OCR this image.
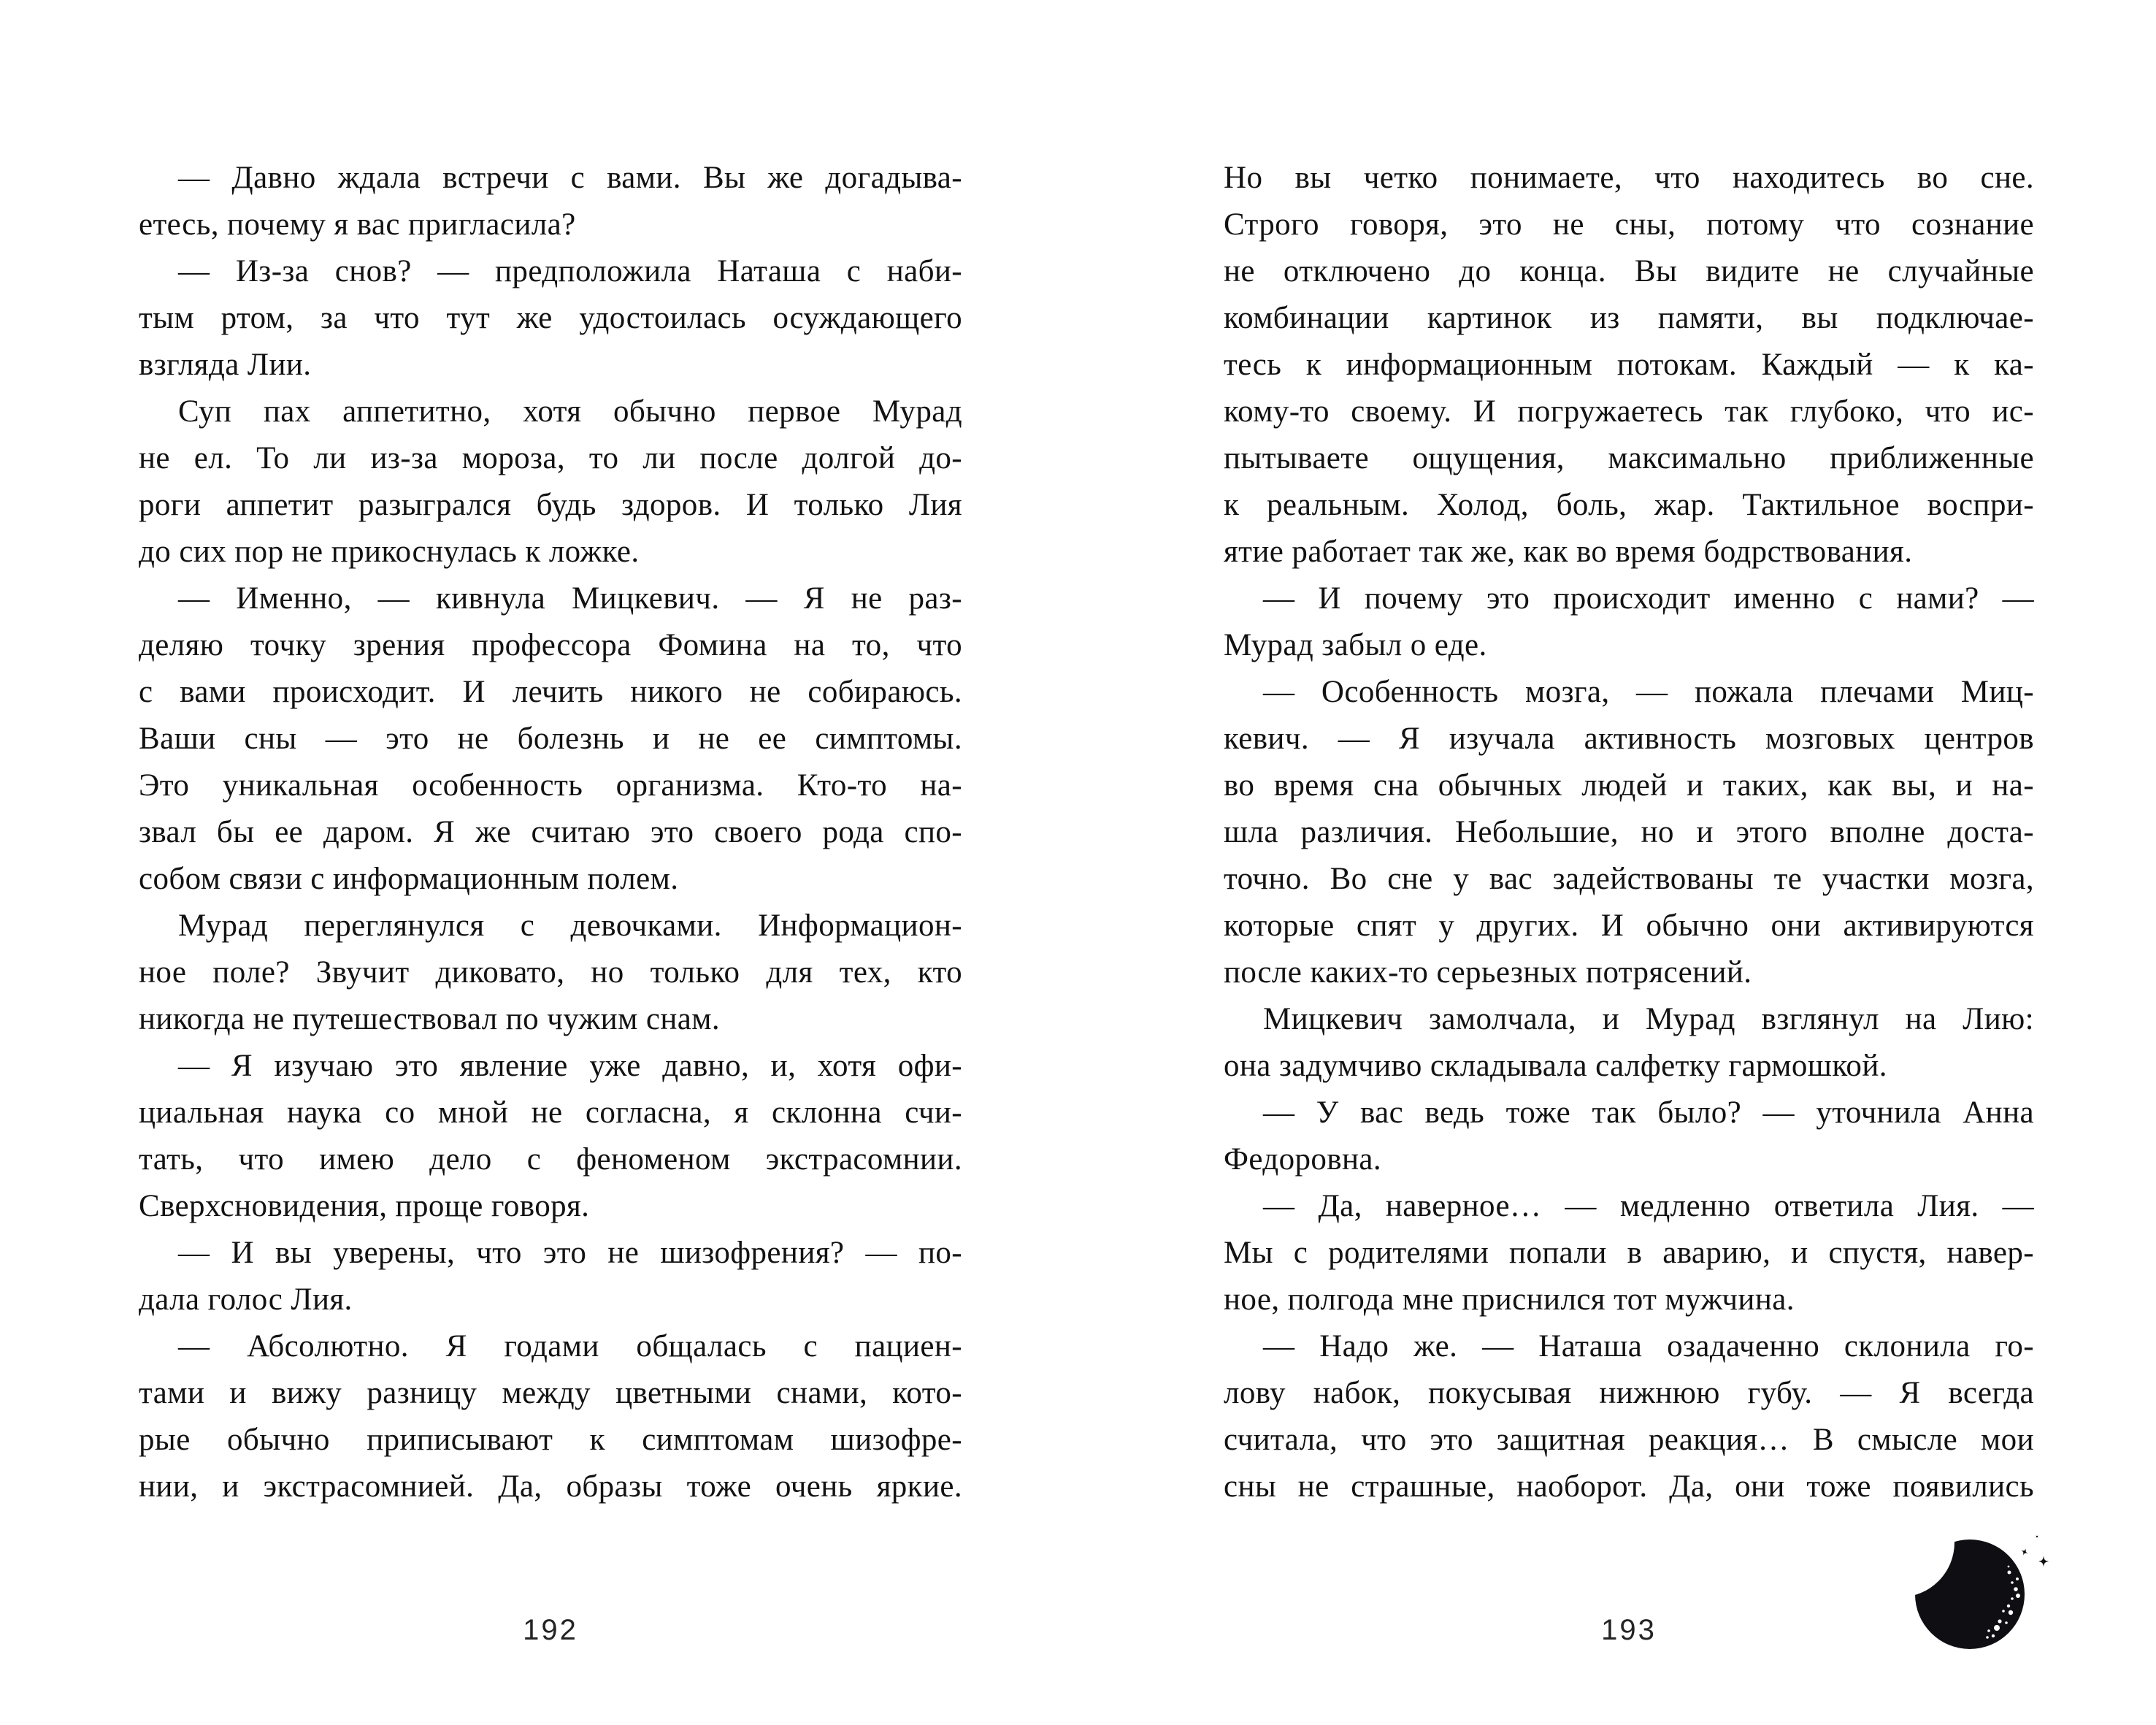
— Давно ждала встречи с вами. Вы же догадыва-
етесь, почему я вас пригласила?
— Из-за снов? — предположила Наташа с наби-
тым ртом, за что тут же удостоилась осуждающего
взгляда Лии.
Суп пах аппетитно, хотя обычно первое Мурад
не ел. То ли из-за мороза, то ли после долгой до-
роги аппетит разыгрался будь здоров. И только Лия
до сих пор не прикоснулась к ложке.
— Именно, — кивнула Мицкевич. — Я не раз-
деляю точку зрения профессора Фомина на то, что
с вами происходит. И лечить никого не собираюсь.
Ваши сны — это не болезнь и не ее симптомы.
Это уникальная особенность организма. Кто-то на-
звал бы ее даром. Я же считаю это своего рода спо-
собом связи с информационным полем.
Мурад переглянулся с девочками. Информацион-
ное поле? Звучит диковато, но только для тех, кто
никогда не путешествовал по чужим снам.
— Я изучаю это явление уже давно, и, хотя офи-
циальная наука со мной не согласна, я склонна счи-
тать, что имею дело с феноменом экстрасомнии.
Сверхсновидения, проще говоря.
— И вы уверены, что это не шизофрения? — по-
дала голос Лия.
— Абсолютно. Я годами общалась с пациен-
тами и вижу разницу между цветными снами, кото-
рые обычно приписывают к симптомам шизофре-
нии, и экстрасомнией. Да, образы тоже очень яркие.
192
Но вы четко понимаете, что находитесь во сне.
Строго говоря, это не сны, потому что сознание
не отключено до конца. Вы видите не случайные
комбинации картинок из памяти, вы подключае-
тесь к информационным потокам. Каждый — к ка-
кому-то своему. И погружаетесь так глубоко, что ис-
пытываете ощущения, максимально приближенные
к реальным. Холод, боль, жар. Тактильное воспри-
ятие работает так же, как во время бодрствования.
— И почему это происходит именно с нами? —
Мурад забыл о еде.
— Особенность мозга, — пожала плечами Миц-
кевич. — Я изучала активность мозговых центров
во время сна обычных людей и таких, как вы, и на-
шла различия. Небольшие, но и этого вполне доста-
точно. Во сне у вас задействованы те участки мозга,
которые спят у других. И обычно они активируются
после каких-то серьезных потрясений.
Мицкевич замолчала, и Мурад взглянул на Лию:
она задумчиво складывала салфетку гармошкой.
— У вас ведь тоже так было? — уточнила Анна
Федоровна.
— Да, наверное… — медленно ответила Лия. —
Мы с родителями попали в аварию, и спустя, навер-
ное, полгода мне приснился тот мужчина.
— Надо же. — Наташа озадаченно склонила го-
лову набок, покусывая нижнюю губу. — Я всегда
считала, что это защитная реакция… В смысле мои
сны не страшные, наоборот. Да, они тоже появились
193
